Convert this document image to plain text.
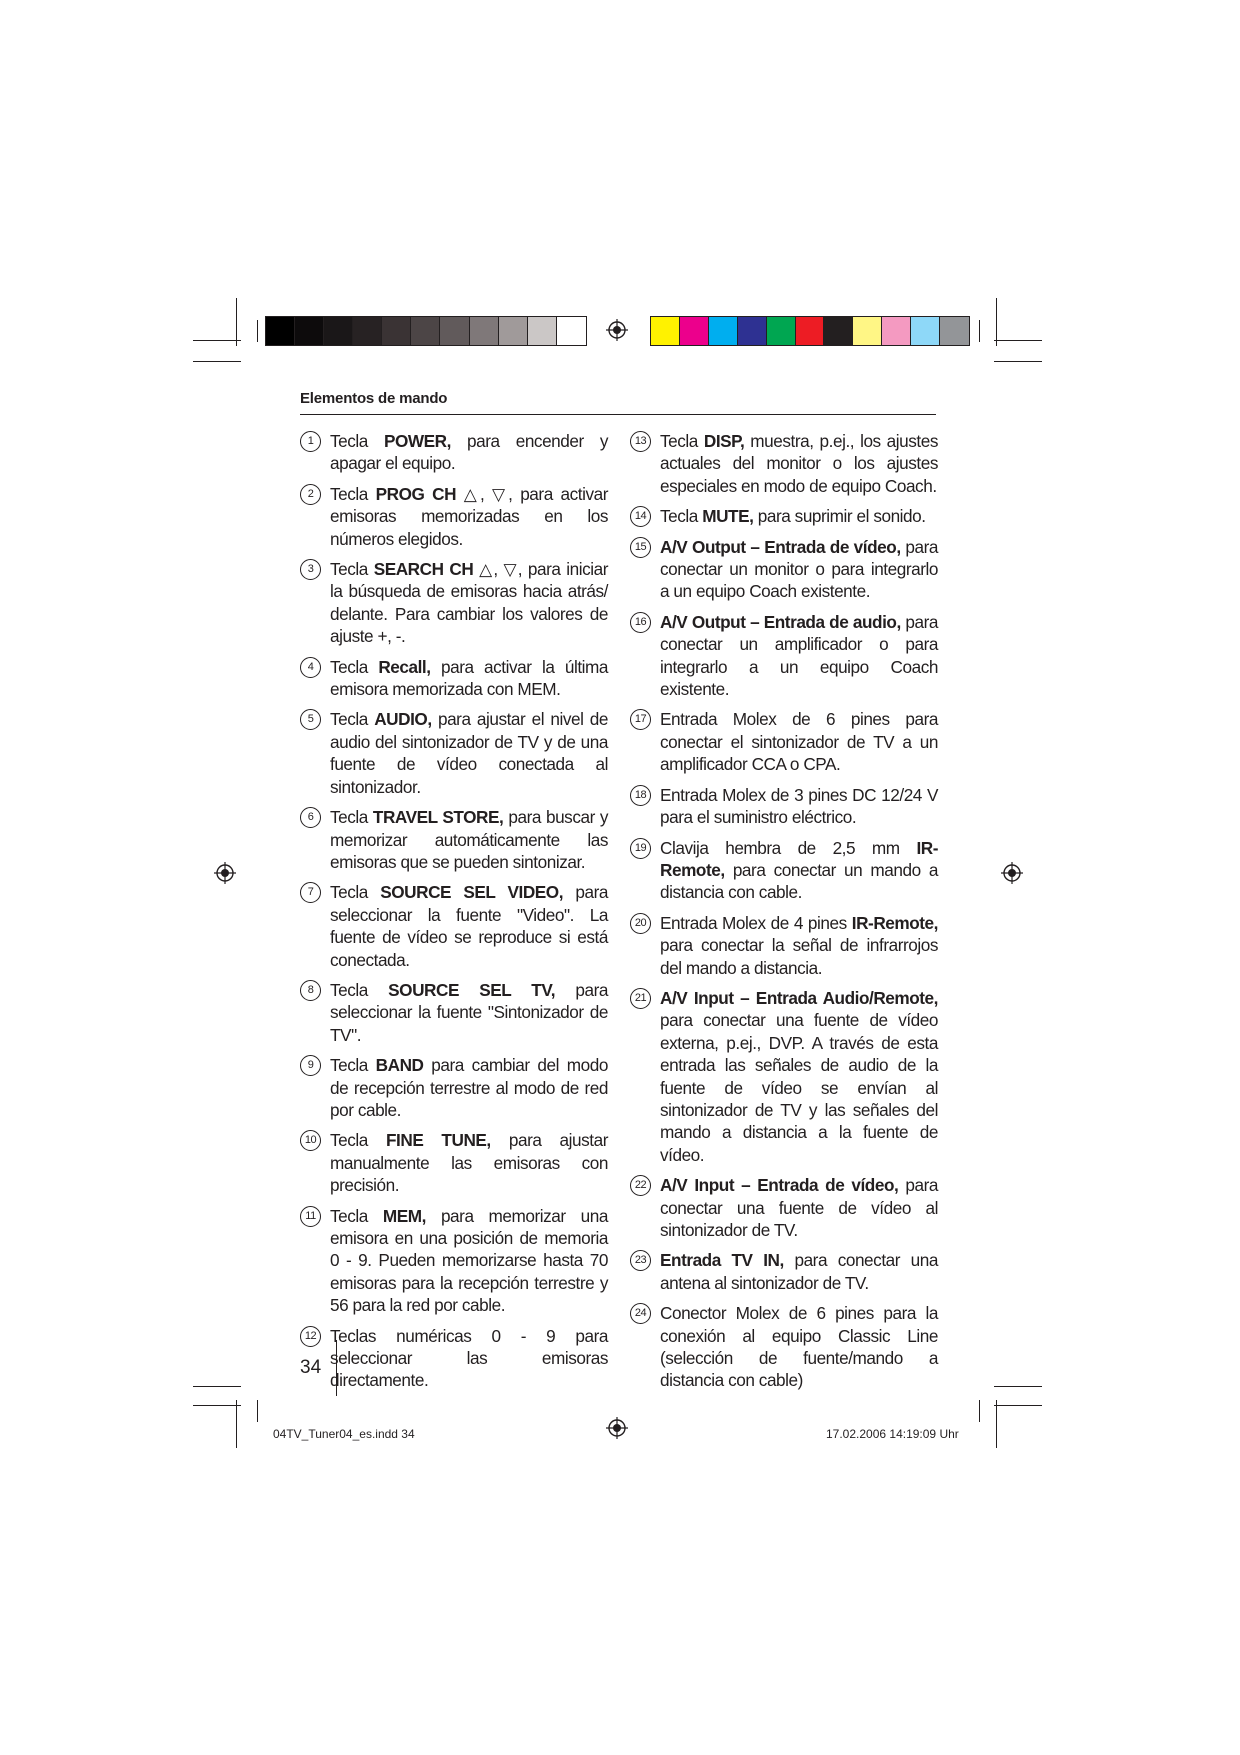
Elementos de mando
1 Tecla POWER, para encender y apagar el equipo.
2 Tecla PROG CH △, ▽, para activar emisoras memorizadas en los números elegidos.
3 Tecla SEARCH CH △, ▽, para iniciar la búsqueda de emisoras hacia atrás/ delante. Para cambiar los valores de ajuste +, -.
4 Tecla Recall, para activar la última emisora memorizada con MEM.
5 Tecla AUDIO, para ajustar el nivel de audio del sintonizador de TV y de una fuente de vídeo conectada al sintonizador.
6 Tecla TRAVEL STORE, para buscar y memorizar automáticamente las emisoras que se pueden sintonizar.
7 Tecla SOURCE SEL VIDEO, para seleccionar la fuente "Video". La fuente de vídeo se reproduce si está conectada.
8 Tecla SOURCE SEL TV, para seleccionar la fuente "Sintonizador de TV".
9 Tecla BAND para cambiar del modo de recepción terrestre al modo de red por cable.
10 Tecla FINE TUNE, para ajustar manualmente las emisoras con precisión.
11 Tecla MEM, para memorizar una emisora en una posición de memoria 0 - 9. Pueden memorizarse hasta 70 emisoras para la recepción terrestre y 56 para la red por cable.
12 Teclas numéricas 0 - 9 para seleccionar las emisoras directamente.
13 Tecla DISP, muestra, p.ej., los ajustes actuales del monitor o los ajustes especiales en modo de equipo Coach.
14 Tecla MUTE, para suprimir el sonido.
15 A/V Output – Entrada de vídeo, para conectar un monitor o para integrarlo a un equipo Coach existente.
16 A/V Output – Entrada de audio, para conectar un amplificador o para integrarlo a un equipo Coach existente.
17 Entrada Molex de 6 pines para conectar el sintonizador de TV a un amplificador CCA o CPA.
18 Entrada Molex de 3 pines DC 12/24 V para el suministro eléctrico.
19 Clavija hembra de 2,5 mm IR-Remote, para conectar un mando a distancia con cable.
20 Entrada Molex de 4 pines IR-Remote, para conectar la señal de infrarrojos del mando a distancia.
21 A/V Input – Entrada Audio/Remote, para conectar una fuente de vídeo externa, p.ej., DVP. A través de esta entrada las señales de audio de la fuente de vídeo se envían al sintonizador de TV y las señales del mando a distancia a la fuente de vídeo.
22 A/V Input – Entrada de vídeo, para conectar una fuente de vídeo al sintonizador de TV.
23 Entrada TV IN, para conectar una antena al sintonizador de TV.
24 Conector Molex de 6 pines para la conexión al equipo Classic Line (selección de fuente/mando a distancia con cable)
34
04TV_Tuner04_es.indd 34	17.02.2006 14:19:09 Uhr
